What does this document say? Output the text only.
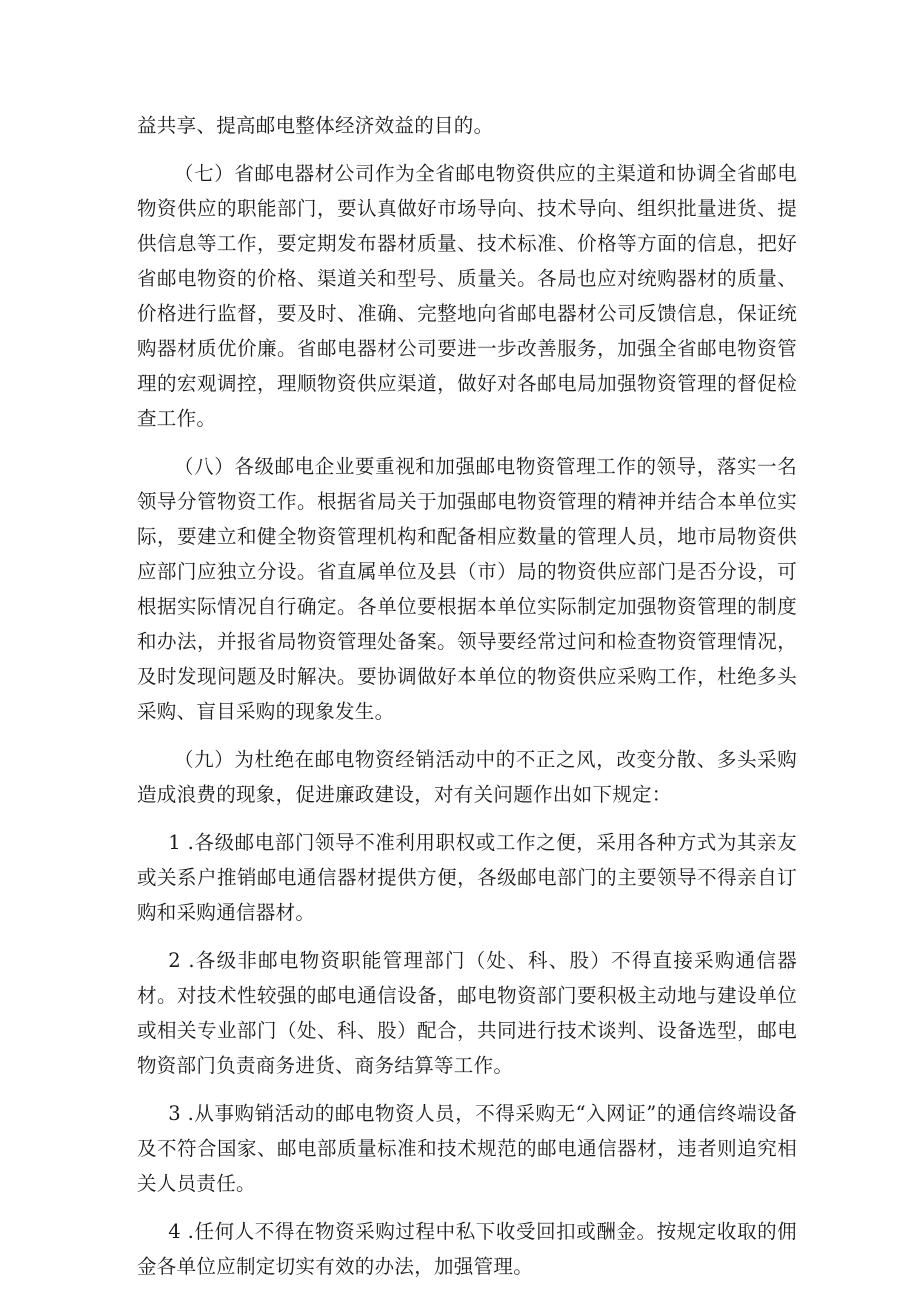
益共享、提高邮电整体经济效益的目的。

（七）省邮电器材公司作为全省邮电物资供应的主渠道和协调全省邮电物资供应的职能部门，要认真做好市场导向、技术导向、组织批量进货、提供信息等工作，要定期发布器材质量、技术标准、价格等方面的信息，把好省邮电物资的价格、渠道关和型号、质量关。各局也应对统购器材的质量、价格进行监督，要及时、准确、完整地向省邮电器材公司反馈信息，保证统购器材质优价廉。省邮电器材公司要进一步改善服务，加强全省邮电物资管理的宏观调控，理顺物资供应渠道，做好对各邮电局加强物资管理的督促检查工作。

（八）各级邮电企业要重视和加强邮电物资管理工作的领导，落实一名领导分管物资工作。根据省局关于加强邮电物资管理的精神并结合本单位实际，要建立和健全物资管理机构和配备相应数量的管理人员，地市局物资供应部门应独立分设。省直属单位及县（市）局的物资供应部门是否分设，可根据实际情况自行确定。各单位要根据本单位实际制定加强物资管理的制度和办法，并报省局物资管理处备案。领导要经常过问和检查物资管理情况，及时发现问题及时解决。要协调做好本单位的物资供应采购工作，杜绝多头采购、盲目采购的现象发生。

（九）为杜绝在邮电物资经销活动中的不正之风，改变分散、多头采购造成浪费的现象，促进廉政建设，对有关问题作出如下规定：

1 .各级邮电部门领导不准利用职权或工作之便，采用各种方式为其亲友或关系户推销邮电通信器材提供方便，各级邮电部门的主要领导不得亲自订购和采购通信器材。

2 .各级非邮电物资职能管理部门（处、科、股）不得直接采购通信器材。对技术性较强的邮电通信设备，邮电物资部门要积极主动地与建设单位或相关专业部门（处、科、股）配合，共同进行技术谈判、设备选型，邮电物资部门负责商务进货、商务结算等工作。

3 .从事购销活动的邮电物资人员，不得采购无“入网证”的通信终端设备及不符合国家、邮电部质量标准和技术规范的邮电通信器材，违者则追究相关人员责任。

4 .任何人不得在物资采购过程中私下收受回扣或酬金。按规定收取的佣金各单位应制定切实有效的办法，加强管理。
